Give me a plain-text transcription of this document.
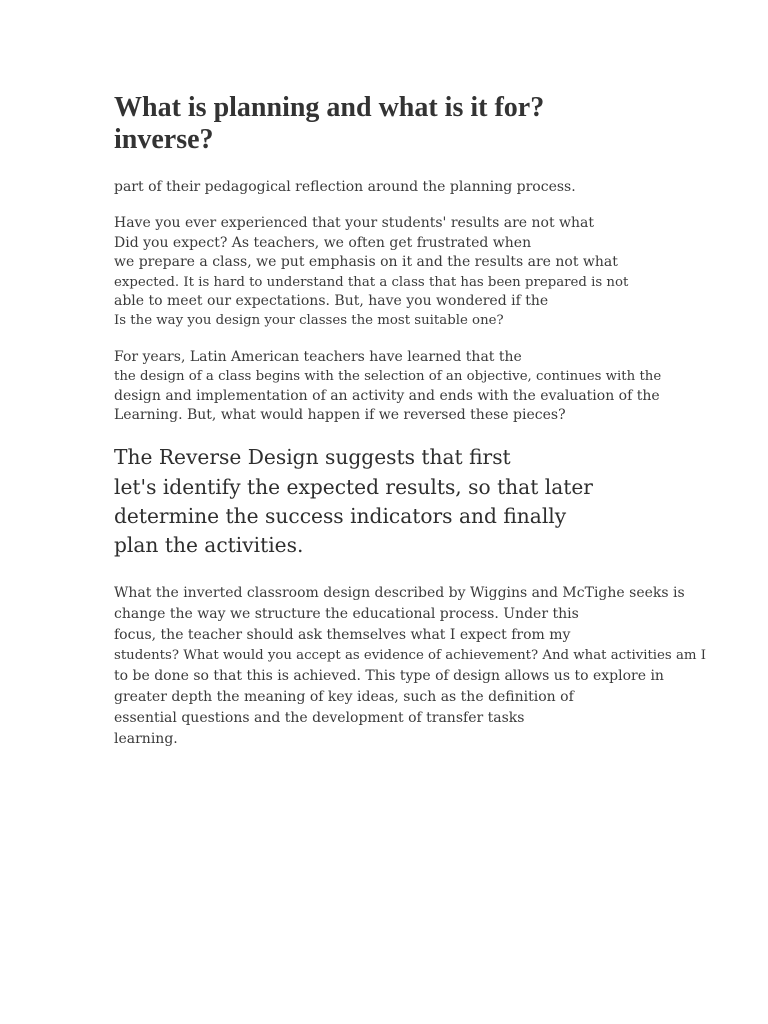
What is planning and what is it for?
inverse?

part of their pedagogical reflection around the planning process.

Have you ever experienced that your students' results are not what
Did you expect? As teachers, we often get frustrated when
we prepare a class, we put emphasis on it and the results are not what
expected. It is hard to understand that a class that has been prepared is not
able to meet our expectations. But, have you wondered if the
Is the way you design your classes the most suitable one?

For years, Latin American teachers have learned that the
the design of a class begins with the selection of an objective, continues with the
design and implementation of an activity and ends with the evaluation of the
Learning. But, what would happen if we reversed these pieces?

The Reverse Design suggests that first
let's identify the expected results, so that later
determine the success indicators and finally
plan the activities.

What the inverted classroom design described by Wiggins and McTighe seeks is
change the way we structure the educational process. Under this
focus, the teacher should ask themselves what I expect from my
students? What would you accept as evidence of achievement? And what activities am I
to be done so that this is achieved. This type of design allows us to explore in
greater depth the meaning of key ideas, such as the definition of
essential questions and the development of transfer tasks
learning.
